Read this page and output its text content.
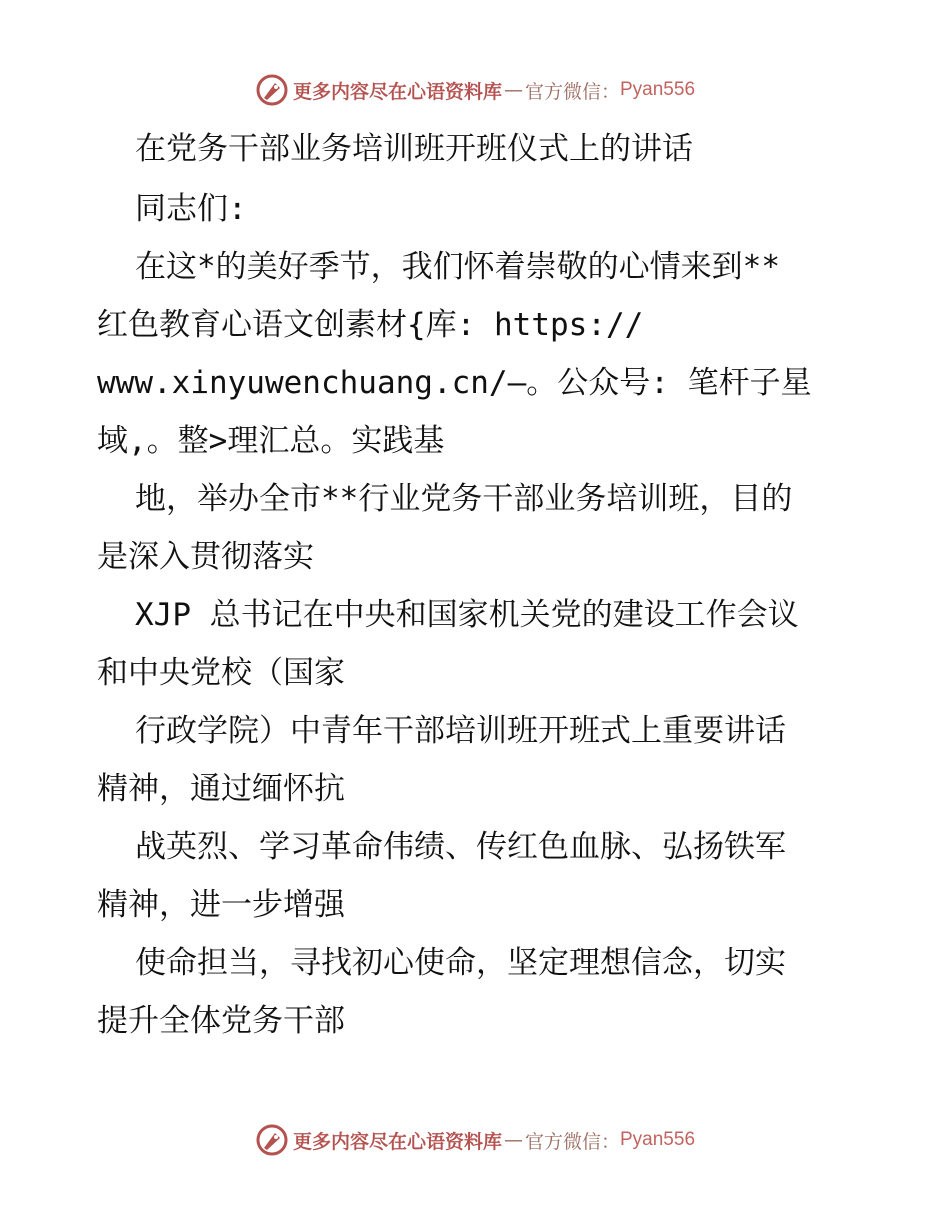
更多内容尽在心语资料库 — 官方微信： Pyan556
在党务干部业务培训班开班仪式上的讲话
同志们:
在这*的美好季节，我们怀着崇敬的心情来到**
红色教育心语文创素材{库: https://
www.xinyuwenchuang.cn/—。公众号: 笔杆子星
域,。整>理汇总。实践基
地，举办全市**行业党务干部业务培训班，目的
是深入贯彻落实
XJP 总书记在中央和国家机关党的建设工作会议
和中央党校（国家
行政学院）中青年干部培训班开班式上重要讲话
精神，通过缅怀抗
战英烈、学习革命伟绩、传红色血脉、弘扬铁军
精神，进一步增强
使命担当，寻找初心使命，坚定理想信念，切实
提升全体党务干部
更多内容尽在心语资料库 — 官方微信： Pyan556
